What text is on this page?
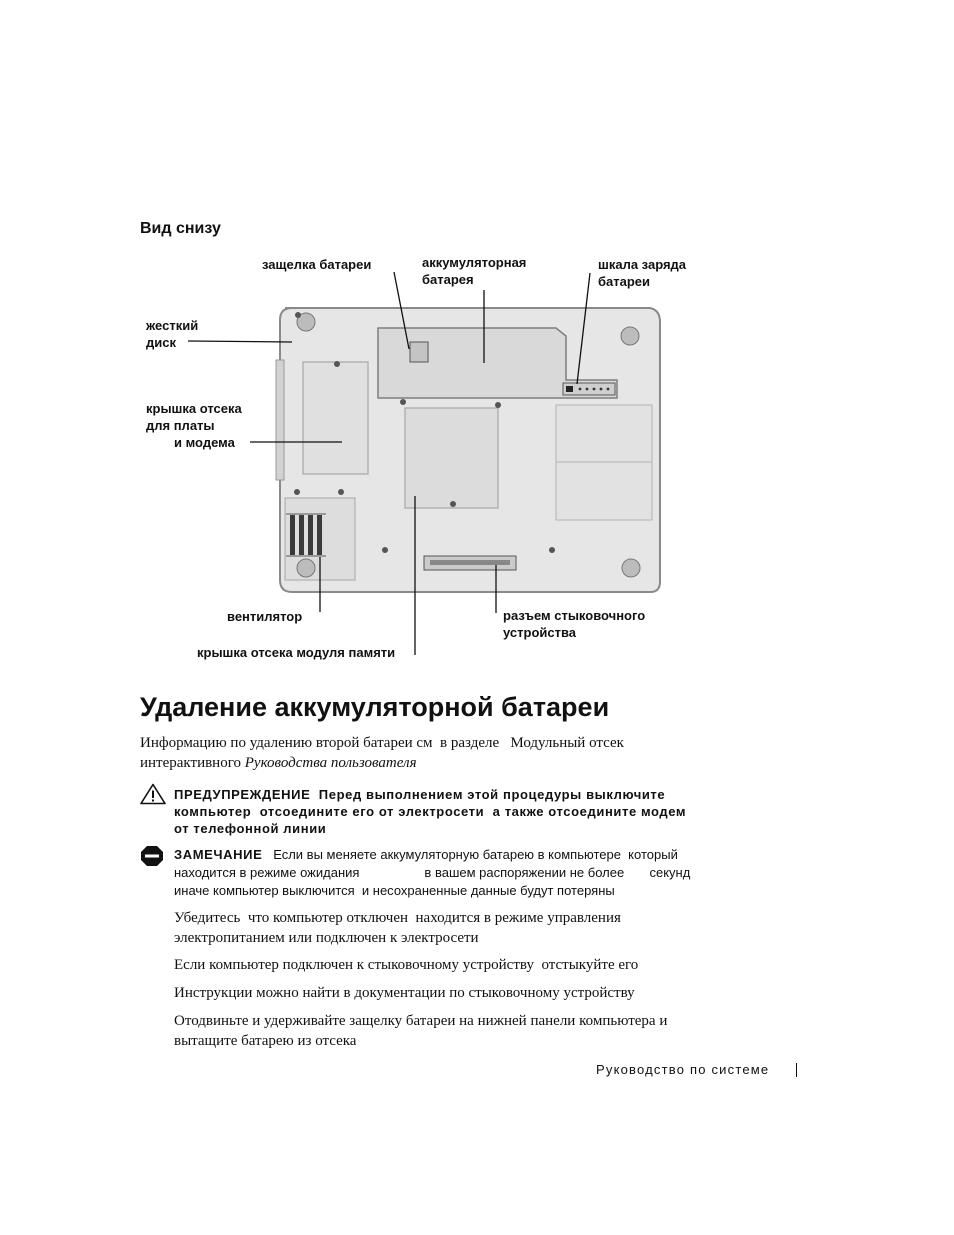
Вид снизу
защелка батареи	аккумуляторная
батарея
шкала заряда
батареи
жесткий
диск
крышка отсека
для платы
и модема
вентилятор
крышка отсека модуля памяти
разъем стыковочного
устройства
Удаление аккумуляторной батареи
Информацию по удалению второй батареи см  в разделе   Модульный отсек
интерактивного Руководства пользователя
ПРЕДУПРЕЖДЕНИЕ  Перед выполнением этой процедуры выключите
компьютер  отсоедините его от электросети  а также отсоедините модем
от телефонной линии
ЗАМЕЧАНИЕ   Если вы меняете аккумуляторную батарею в компьютере  который
находится в режиме ожидания                  в вашем распоряжении не более       секунд
иначе компьютер выключится  и несохраненные данные будут потеряны
Убедитесь  что компьютер отключен  находится в режиме управления
электропитанием или подключен к электросети
Если компьютер подключен к стыковочному устройству  отстыкуйте его
Инструкции можно найти в документации по стыковочному устройству
Отодвиньте и удерживайте защелку батареи на нижней панели компьютера и
вытащите батарею из отсека
Руководство по системе
